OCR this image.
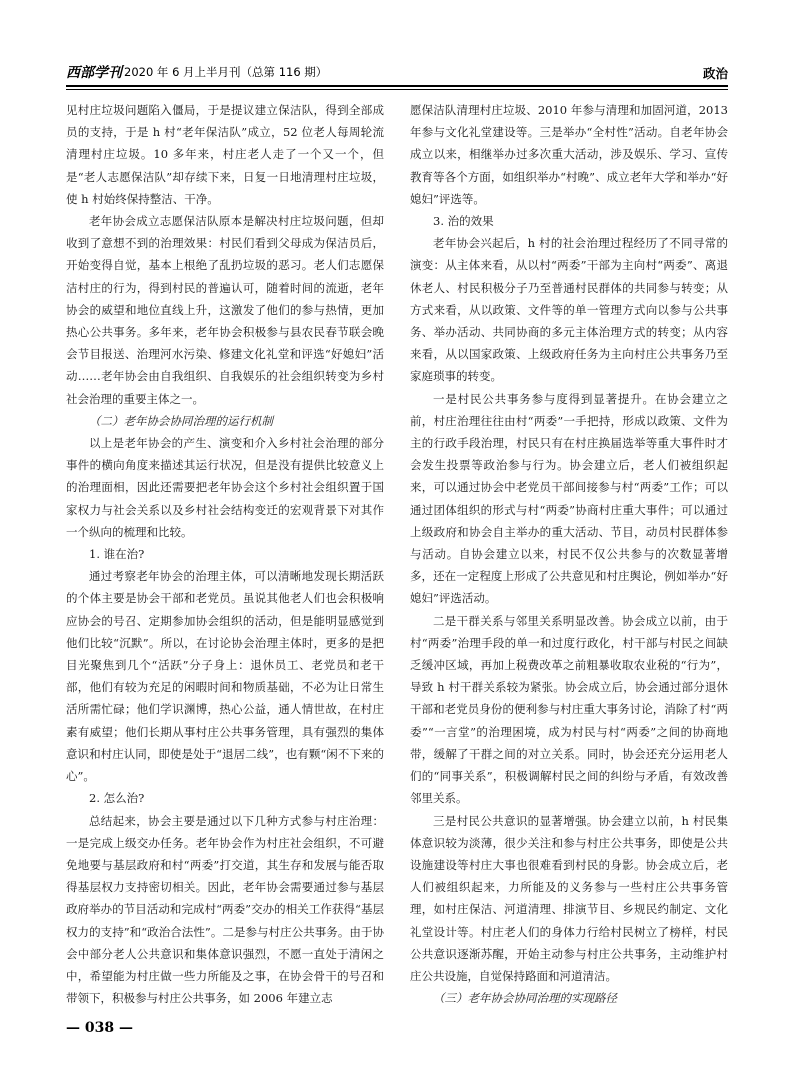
西部学刊 2020 年 6 月上半月刊（总第 116 期）	政治

见村庄垃圾问题陷入僵局，于是提议建立保洁队，得到全部成员的支持，于是 h 村“老年保洁队”成立，52 位老人每周轮流清理村庄垃圾。10 多年来，村庄老人走了一个又一个，但是“老人志愿保洁队”却存续下来，日复一日地清理村庄垃圾，使 h 村始终保持整洁、干净。

老年协会成立志愿保洁队原本是解决村庄垃圾问题，但却收到了意想不到的治理效果：村民们看到父母成为保洁员后，开始变得自觉，基本上根绝了乱扔垃圾的恶习。老人们志愿保洁村庄的行为，得到村民的普遍认可，随着时间的流逝，老年协会的威望和地位直线上升，这激发了他们的参与热情，更加热心公共事务。多年来，老年协会积极参与县农民春节联会晚会节目报送、治理河水污染、修建文化礼堂和评选“好媳妇”活动……老年协会由自我组织、自我娱乐的社会组织转变为乡村社会治理的重要主体之一。

（二）老年协会协同治理的运行机制

以上是老年协会的产生、演变和介入乡村社会治理的部分事件的横向角度来描述其运行状况，但是没有提供比较意义上的治理面相，因此还需要把老年协会这个乡村社会组织置于国家权力与社会关系以及乡村社会结构变迁的宏观背景下对其作一个纵向的梳理和比较。

1. 谁在治?

通过考察老年协会的治理主体，可以清晰地发现长期活跃的个体主要是协会干部和老党员。虽说其他老人们也会积极响应协会的号召、定期参加协会组织的活动，但是能明显感觉到他们比较“沉默”。所以，在讨论协会治理主体时，更多的是把目光聚焦到几个“活跃”分子身上：退休员工、老党员和老干部，他们有较为充足的闲暇时间和物质基础，不必为让日常生活所需忙碌；他们学识渊博，热心公益，通人情世故，在村庄素有威望；他们长期从事村庄公共事务管理，具有强烈的集体意识和村庄认同，即使是处于“退居二线”，也有颗“闲不下来的心”。

2. 怎么治?

总结起来，协会主要是通过以下几种方式参与村庄治理：一是完成上级交办任务。老年协会作为村庄社会组织，不可避免地要与基层政府和村“两委”打交道，其生存和发展与能否取得基层权力支持密切相关。因此，老年协会需要通过参与基层政府举办的节目活动和完成村“两委”交办的相关工作获得“基层权力的支持”和“政治合法性”。二是参与村庄公共事务。由于协会中部分老人公共意识和集体意识强烈，不愿一直处于清闲之中，希望能为村庄做一些力所能及之事，在协会骨干的号召和带领下，积极参与村庄公共事务，如 2006 年建立志

愿保洁队清理村庄垃圾、2010 年参与清理和加固河道，2013 年参与文化礼堂建设等。三是举办“全村性”活动。自老年协会成立以来，相继举办过多次重大活动，涉及娱乐、学习、宣传教育等各个方面，如组织举办“村晚”、成立老年大学和举办“好媳妇”评选等。

3. 治的效果

老年协会兴起后，h 村的社会治理过程经历了不同寻常的演变：从主体来看，从以村“两委”干部为主向村“两委”、离退休老人、村民积极分子乃至普通村民群体的共同参与转变；从方式来看，从以政策、文件等的单一管理方式向以参与公共事务、举办活动、共同协商的多元主体治理方式的转变；从内容来看，从以国家政策、上级政府任务为主向村庄公共事务乃至家庭琐事的转变。

一是村民公共事务参与度得到显著提升。在协会建立之前，村庄治理往往由村“两委”一手把持，形成以政策、文件为主的行政手段治理，村民只有在村庄换届选举等重大事件时才会发生投票等政治参与行为。协会建立后，老人们被组织起来，可以通过协会中老党员干部间接参与村“两委”工作；可以通过团体组织的形式与村“两委”协商村庄重大事件；可以通过上级政府和协会自主举办的重大活动、节目，动员村民群体参与活动。自协会建立以来，村民不仅公共参与的次数显著增多，还在一定程度上形成了公共意见和村庄舆论，例如举办“好媳妇”评选活动。

二是干群关系与邻里关系明显改善。协会成立以前，由于村“两委”治理手段的单一和过度行政化，村干部与村民之间缺乏缓冲区域，再加上税费改革之前粗暴收取农业税的“行为”，导致 h 村干群关系较为紧张。协会成立后，协会通过部分退休干部和老党员身份的便利参与村庄重大事务讨论，消除了村“两委”“一言堂”的治理困境，成为村民与村“两委”之间的协商地带，缓解了干群之间的对立关系。同时，协会还充分运用老人们的“同事关系”，积极调解村民之间的纠纷与矛盾，有效改善邻里关系。

三是村民公共意识的显著增强。协会建立以前，h 村民集体意识较为淡薄，很少关注和参与村庄公共事务，即使是公共设施建设等村庄大事也很难看到村民的身影。协会成立后，老人们被组织起来，力所能及的义务参与一些村庄公共事务管理，如村庄保洁、河道清理、排演节目、乡规民约制定、文化礼堂设计等。村庄老人们的身体力行给村民树立了榜样，村民公共意识逐渐苏醒，开始主动参与村庄公共事务，主动维护村庄公共设施，自觉保持路面和河道清洁。

（三）老年协会协同治理的实现路径

— 038 —
